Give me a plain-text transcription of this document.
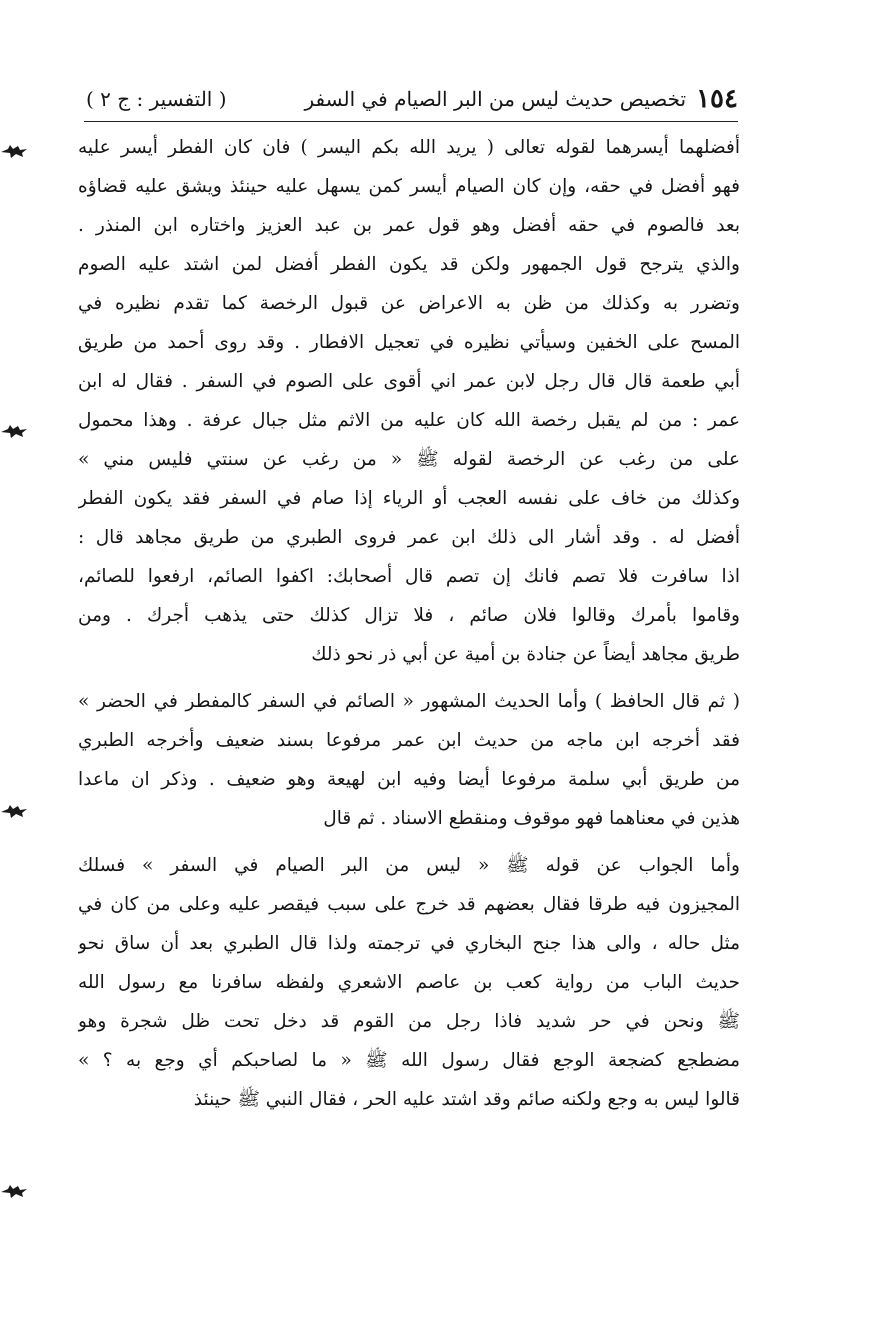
١٥٤
تخصيص حديث ليس من البر الصيام في السفر
( التفسير : ج ٢ )
أفضلهما أيسرهما لقوله تعالى ( يريد الله بكم اليسر ) فان كان الفطر أيسر عليه
فهو أفضل في حقه، وإن كان الصيام أيسر كمن يسهل عليه حينئذ ويشق عليه قضاؤه
بعد فالصوم في حقه أفضل وهو قول عمر بن عبد العزيز واختاره ابن المنذر .
والذي يترجح قول الجمهور ولكن قد يكون الفطر أفضل لمن اشتد عليه الصوم
وتضرر به وكذلك من ظن به الاعراض عن قبول الرخصة كما تقدم نظيره في
المسح على الخفين وسيأتي نظيره في تعجيل الافطار . وقد روى أحمد من طريق
أبي طعمة قال قال رجل لابن عمر اني أقوى على الصوم في السفر . فقال له ابن
عمر : من لم يقبل رخصة الله كان عليه من الاثم مثل جبال عرفة . وهذا محمول
على من رغب عن الرخصة لقوله ﷺ « من رغب عن سنتي فليس مني »
وكذلك من خاف على نفسه العجب أو الرياء إذا صام في السفر فقد يكون الفطر
أفضل له . وقد أشار الى ذلك ابن عمر فروى الطبري من طريق مجاهد قال :
اذا سافرت فلا تصم فانك إن تصم قال أصحابك: اكفوا الصائم، ارفعوا للصائم،
وقاموا بأمرك وقالوا فلان صائم ، فلا تزال كذلك حتى يذهب أجرك . ومن
طريق مجاهد أيضاً عن جنادة بن أمية عن أبي ذر نحو ذلك
( ثم قال الحافظ ) وأما الحديث المشهور « الصائم في السفر كالمفطر في الحضر »
فقد أخرجه ابن ماجه من حديث ابن عمر مرفوعا بسند ضعيف وأخرجه الطبري
من طريق أبي سلمة مرفوعا أيضا وفيه ابن لهيعة وهو ضعيف . وذكر ان ماعدا
هذين في معناهما فهو موقوف ومنقطع الاسناد . ثم قال
وأما الجواب عن قوله ﷺ « ليس من البر الصيام في السفر » فسلك
المجيزون فيه طرقا فقال بعضهم قد خرج على سبب فيقصر عليه وعلى من كان في
مثل حاله ، والى هذا جنح البخاري في ترجمته ولذا قال الطبري بعد أن ساق نحو
حديث الباب من رواية كعب بن عاصم الاشعري ولفظه سافرنا مع رسول الله
ﷺ ونحن في حر شديد فاذا رجل من القوم قد دخل تحت ظل شجرة وهو
مضطجع كضجعة الوجع فقال رسول الله ﷺ « ما لصاحبكم أي وجع به ؟ »
قالوا ليس به وجع ولكنه صائم وقد اشتد عليه الحر ، فقال النبي ﷺ حينئذ
